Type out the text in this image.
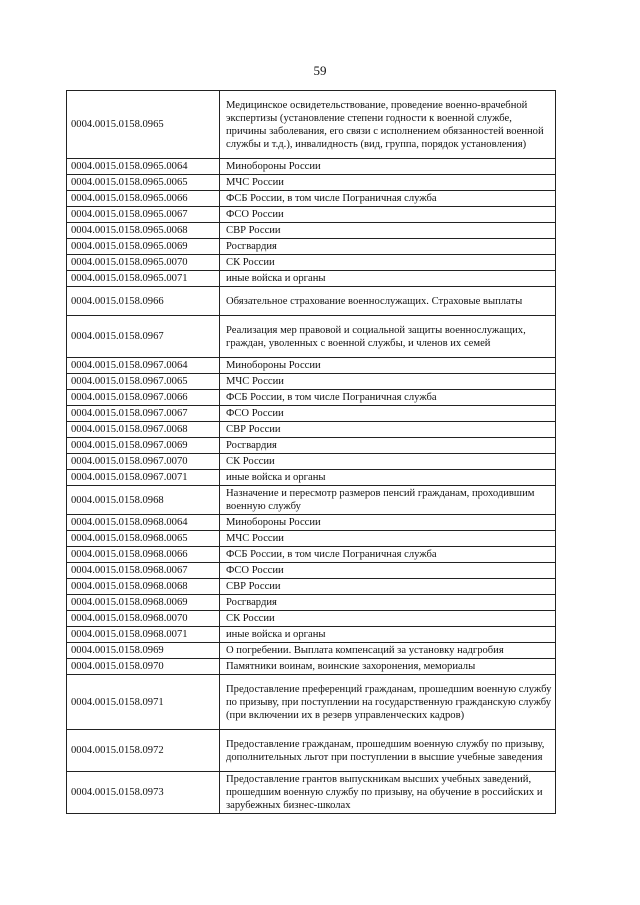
59
0004.0015.0158.0965	Медицинское освидетельствование, проведение военно-врачебной экспертизы (установление степени годности к военной службе, причины заболевания, его связи с исполнением обязанностей военной службы и т.д.), инвалидность (вид, группа, порядок установления)
0004.0015.0158.0965.0064	Минобороны России
0004.0015.0158.0965.0065	МЧС России
0004.0015.0158.0965.0066	ФСБ России, в том числе Пограничная служба
0004.0015.0158.0965.0067	ФСО России
0004.0015.0158.0965.0068	СВР России
0004.0015.0158.0965.0069	Росгвардия
0004.0015.0158.0965.0070	СК России
0004.0015.0158.0965.0071	иные войска и органы
0004.0015.0158.0966	Обязательное страхование военнослужащих. Страховые выплаты
0004.0015.0158.0967	Реализация мер правовой и социальной защиты военнослужащих, граждан, уволенных с военной службы, и членов их семей
0004.0015.0158.0967.0064	Минобороны России
0004.0015.0158.0967.0065	МЧС России
0004.0015.0158.0967.0066	ФСБ России, в том числе Пограничная служба
0004.0015.0158.0967.0067	ФСО России
0004.0015.0158.0967.0068	СВР России
0004.0015.0158.0967.0069	Росгвардия
0004.0015.0158.0967.0070	СК России
0004.0015.0158.0967.0071	иные войска и органы
0004.0015.0158.0968	Назначение и пересмотр размеров пенсий гражданам, проходившим военную службу
0004.0015.0158.0968.0064	Минобороны России
0004.0015.0158.0968.0065	МЧС России
0004.0015.0158.0968.0066	ФСБ России, в том числе Пограничная служба
0004.0015.0158.0968.0067	ФСО России
0004.0015.0158.0968.0068	СВР России
0004.0015.0158.0968.0069	Росгвардия
0004.0015.0158.0968.0070	СК России
0004.0015.0158.0968.0071	иные войска и органы
0004.0015.0158.0969	О погребении. Выплата компенсаций за установку надгробия
0004.0015.0158.0970	Памятники воинам, воинские захоронения, мемориалы
0004.0015.0158.0971	Предоставление преференций гражданам, прошедшим военную службу по призыву, при поступлении на государственную гражданскую службу (при включении их в резерв управленческих кадров)
0004.0015.0158.0972	Предоставление гражданам, прошедшим военную службу по призыву, дополнительных льгот при поступлении в высшие учебные заведения
0004.0015.0158.0973	Предоставление грантов выпускникам высших учебных заведений, прошедшим военную службу по призыву, на обучение в российских и зарубежных бизнес-школах
